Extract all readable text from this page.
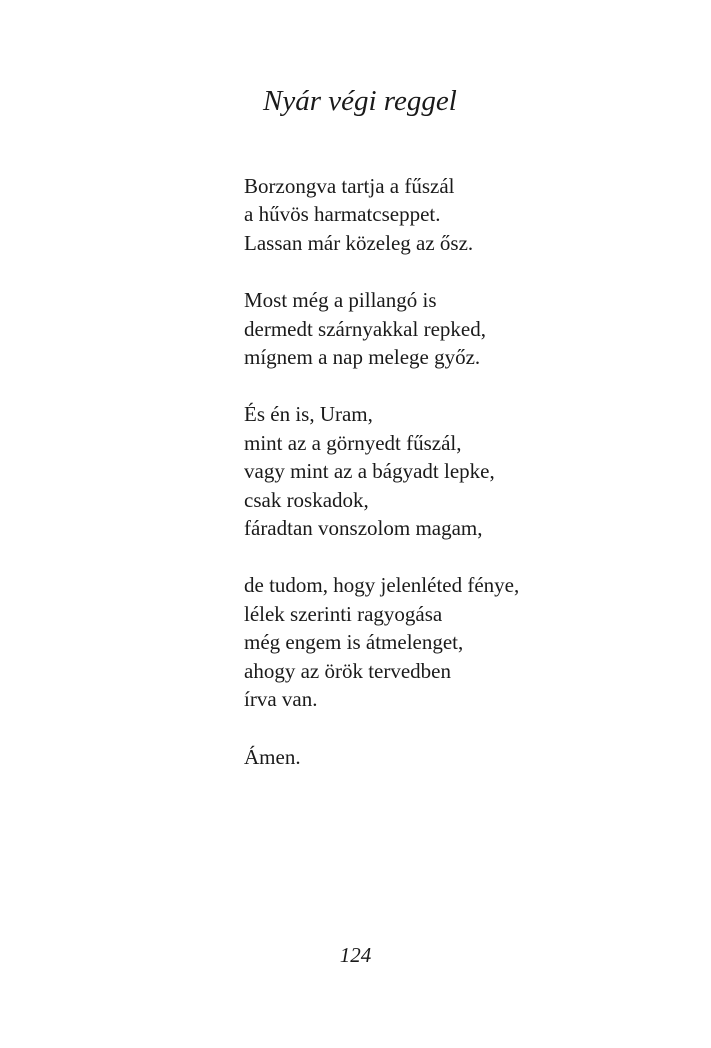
Nyár végi reggel
Borzongva tartja a fűszál
a hűvös harmatcseppet.
Lassan már közeleg az ősz.
Most még a pillangó is
dermedt szárnyakkal repked,
mígnem a nap melege győz.
És én is, Uram,
mint az a görnyedt fűszál,
vagy mint az a bágyadt lepke,
csak roskadok,
fáradtan vonszolom magam,
de tudom, hogy jelenléted fénye,
lélek szerinti ragyogása
még engem is átmelenget,
ahogy az örök tervedben
írva van.
Ámen.
124
